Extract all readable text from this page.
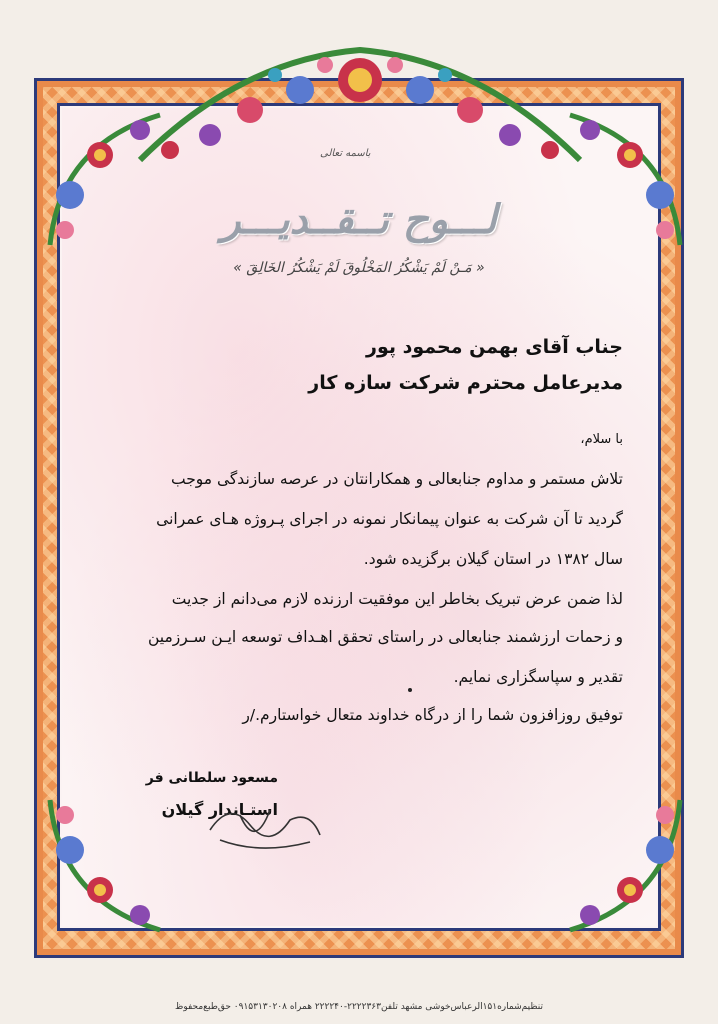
باسمه تعالی
لـــوح تــقــديـــر
« مَـنْ لَمْ يَشْكُرُ المَخْلُوقَ لَمْ يَشْكُرُ الخَالِقَ »
جناب آقای بهمن محمود پور
مدیرعامل محترم شرکت سازه کار
با سلام،
تلاش مستمر و مداوم جنابعالی و همکارانتان در عرصه سازندگی موجب
گردید تا آن شرکت به عنوان پیمانکار نمونه در اجرای پـروژه هـای عمرانی
سال ۱۳۸۲ در استان گیلان برگزیده شود.
لذا ضمن عرض تبریک بخاطر این موفقیت ارزنده لازم می‌دانم از جدیت
و زحمات ارزشمند جنابعالی در راستای تحقق اهـداف توسعه ایـن سـرزمین
تقدیر و سپاسگزاری نمایم.
توفیق روزافزون شما را از درگاه خداوند متعال خواستارم./ر
مسعود سلطانی فر
استـاندار گیلان
تنظیم‌شماره۱۵۱الرعباس‌خوشی مشهد تلفن۲۲۲۲۳۶۳-۲۲۲۲۴۰ همراه ۰۹۱۵۳۱۳۰۲۰۸ حق‌طبع‌محفوظ
